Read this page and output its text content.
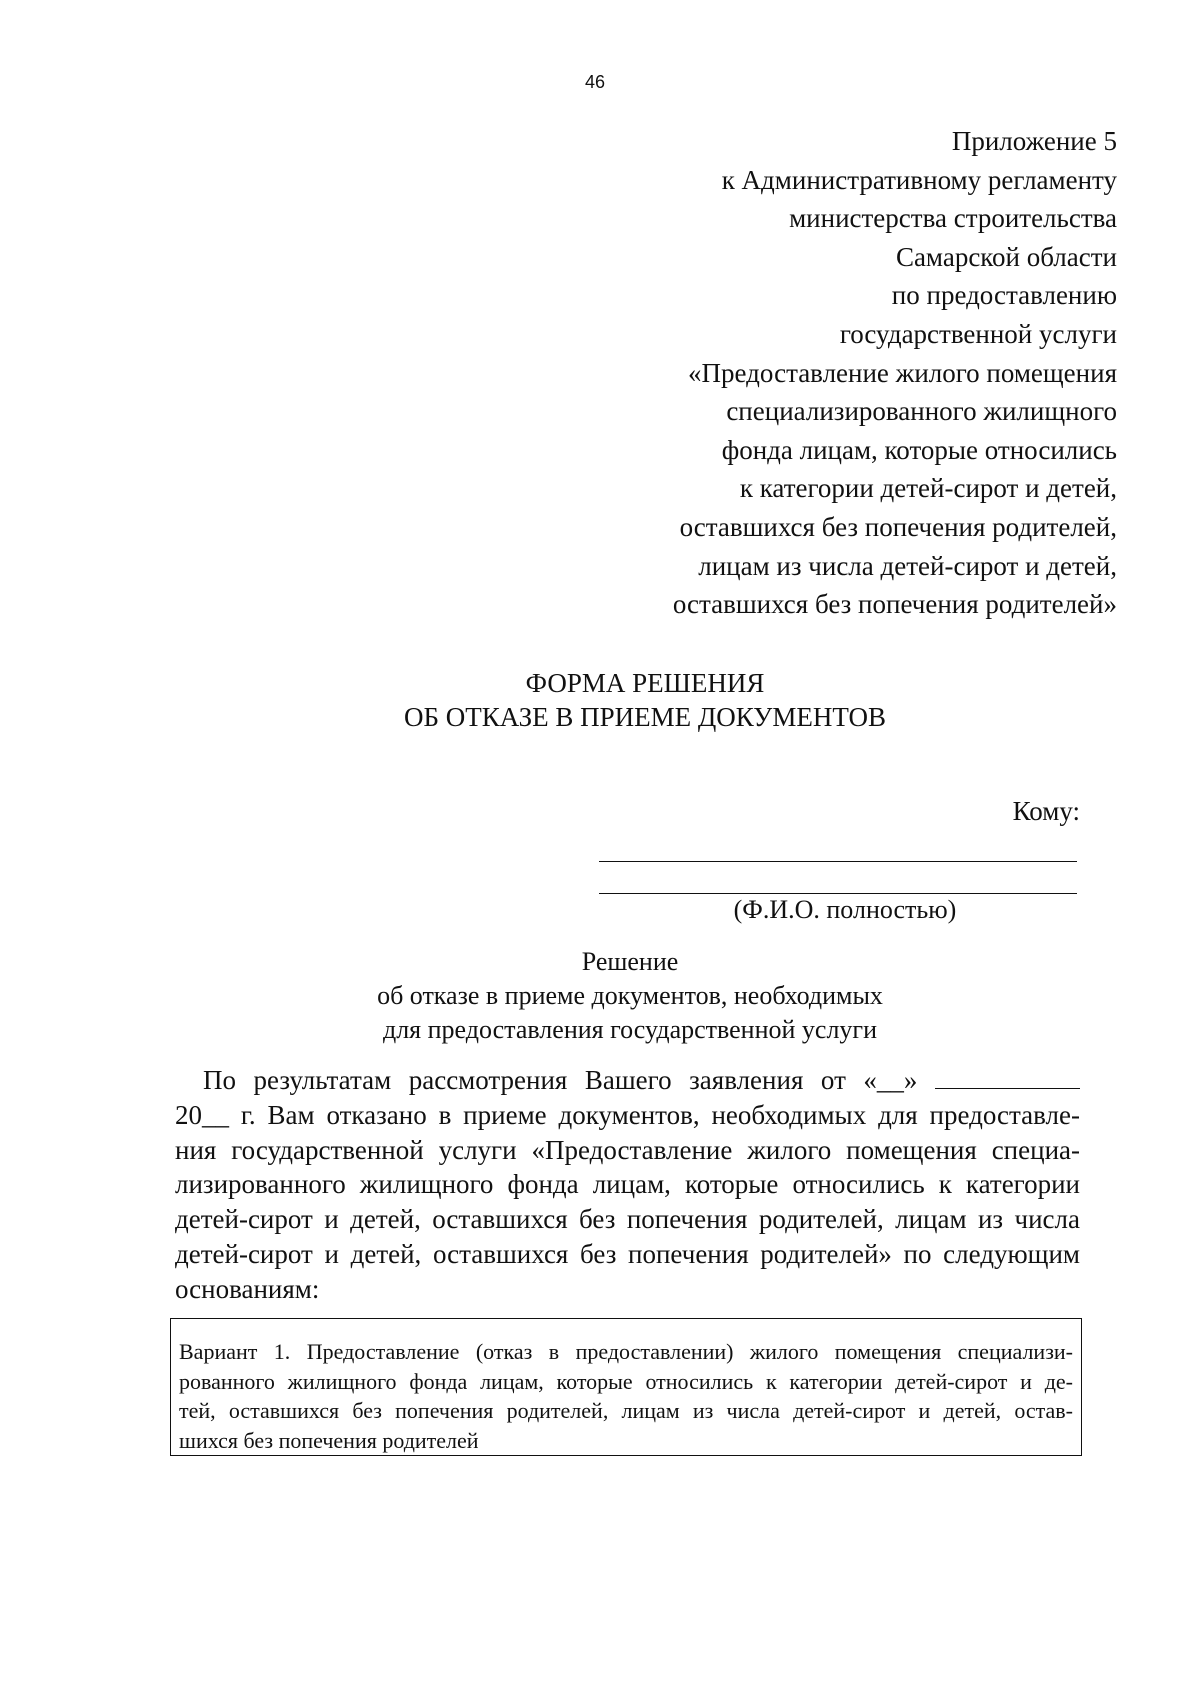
46
Приложение 5
к Административному регламенту
министерства строительства
Самарской области
по предоставлению
государственной услуги
«Предоставление жилого помещения
специализированного жилищного
фонда лицам, которые относились
к категории детей-сирот и детей,
оставшихся без попечения родителей,
лицам из числа детей-сирот и детей,
оставшихся без попечения родителей»
ФОРМА РЕШЕНИЯ
ОБ ОТКАЗЕ В ПРИЕМЕ ДОКУМЕНТОВ
Кому:
(Ф.И.О. полностью)
Решение
об отказе в приеме документов, необходимых
для предоставления государственной услуги
По результатам рассмотрения Вашего заявления от «__»
20__ г. Вам отказано в приеме документов, необходимых для предоставле-
ния государственной услуги «Предоставление жилого помещения специа-
лизированного жилищного фонда лицам, которые относились к категории
детей-сирот и детей, оставшихся без попечения родителей, лицам из числа
детей-сирот и детей, оставшихся без попечения родителей» по следующим
основаниям:
Вариант 1. Предоставление (отказ в предоставлении) жилого помещения специализи-
рованного жилищного фонда лицам, которые относились к категории детей-сирот и де-
тей, оставшихся без попечения родителей, лицам из числа детей-сирот и детей, остав-
шихся без попечения родителей
